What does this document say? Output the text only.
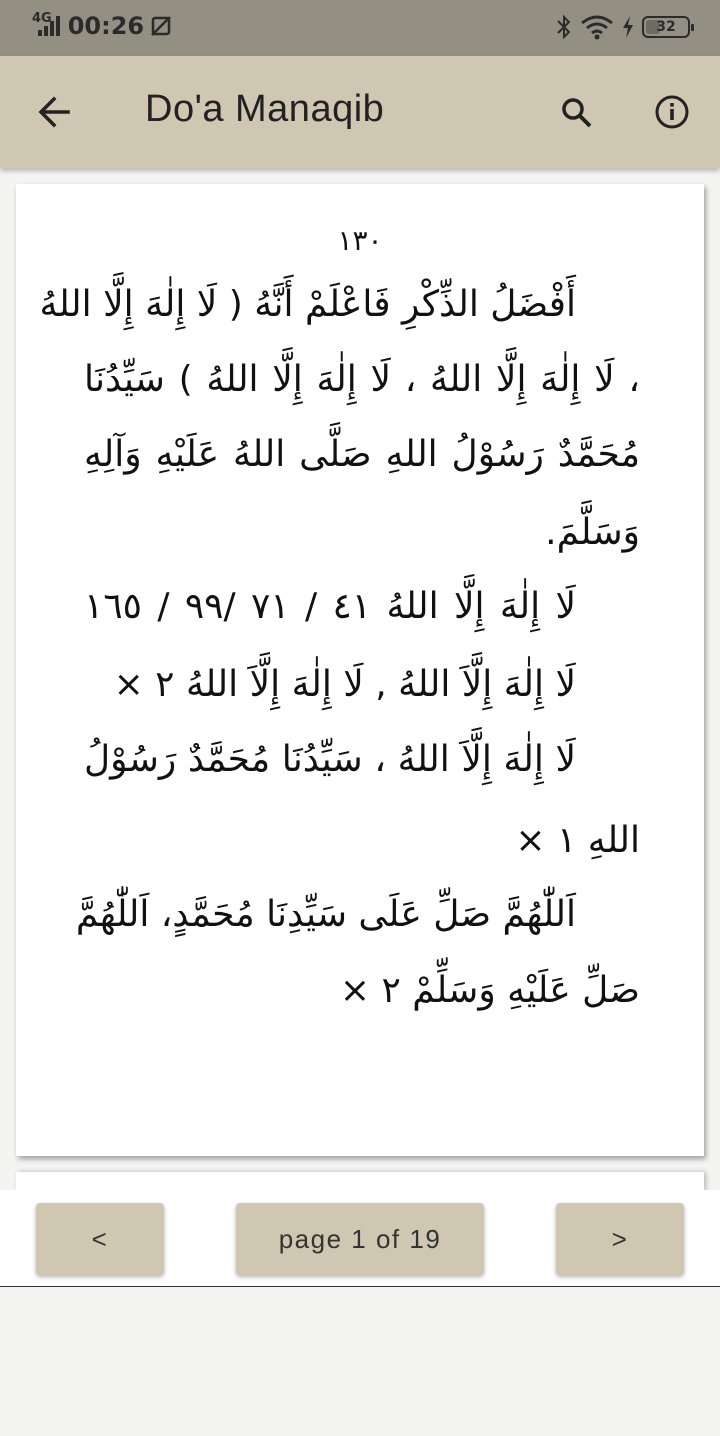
4G 00:26	32
Do'a Manaqib
١٣٠
أَفْضَلُ الذِّكْرِ فَاعْلَمْ أَنَّهُ ( لَا إِلٰهَ إِلَّا اللهُ
، لَا إِلٰهَ إِلَّا اللهُ ، لَا إِلٰهَ إِلَّا اللهُ ) سَيِّدُنَا
مُحَمَّدٌ رَسُوْلُ اللهِ صَلَّى اللهُ عَلَيْهِ وَآلِهِ
وَسَلَّمَ.
لَا إِلٰهَ إِلَّا اللهُ ٤١ / ٧١ /٩٩ / ١٦٥
لَا إِلٰهَ إِلَّاَ اللهُ , لَا إِلٰهَ إِلَّاَ اللهُ ٢ ×
لَا إِلٰهَ إِلَّاَ اللهُ ، سَيِّدُنَا مُحَمَّدٌ رَسُوْلُ
اللهِ ١ ×
اَللّٰهُمَّ صَلِّ عَلَى سَيِّدِنَا مُحَمَّدٍ، اَللّٰهُمَّ
صَلِّ عَلَيْهِ وَسَلِّمْ ٢ ×
<	page 1 of 19	>
